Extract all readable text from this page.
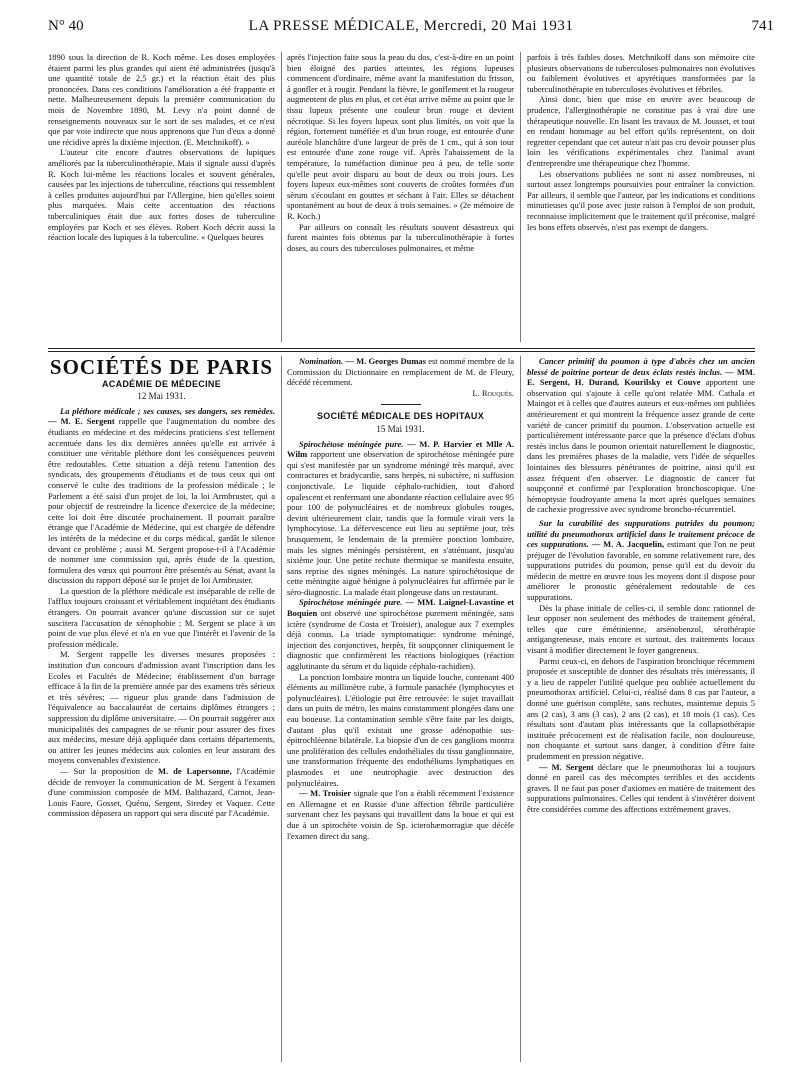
N° 40	LA PRESSE MÉDICALE, Mercredi, 20 Mai 1931	741

1890 sous la direction de R. Koch même. Les doses employées étaient parmi les plus grandes qui aient été administrées (jusqu'à une quantité totale de 2,5 gr.) et la réaction était des plus prononcées. Dans ces conditions l'amélioration a été frappante et nette. Malheureusement depuis la première communication du mois de Novembre 1890, M. Levy n'a point donné de renseignements nouveaux sur le sort de ses malades, et ce n'est que par voie indirecte que nous apprenons que l'un d'eux a donné une récidive après la dixième injection. (E. Metchnikoff). »

L'auteur cite encore d'autres observations de lupiques améliorés par la tuberculinothérapie. Mais il signale aussi d'après R. Koch lui-même les réactions locales et souvent générales, causées par les injections de tuberculine, réactions qui ressemblent à celles produites aujourd'hui par l'Allergine, bien qu'elles soient plus marquées. Mais cette accentuation des réactions tuberculiniques était due aux fortes doses de tuberculine employées par Koch et ses élèves. Robert Koch décrit aussi la réaction locale des lupiques à la tuberculine. « Quelques heures

après l'injection faite sous la peau du dos, c'est-à-dire en un point bien éloigné des parties atteintes, les régions lupeuses commencent d'ordinaire, même avant la manifestation du frisson, à gonfler et à rougir. Pendant la fièvre, le gonflement et la rougeur augmentent de plus en plus, et cet état arrive même au point que le tissu lupeux présente une couleur brun rouge et devient nécrotique. Si les foyers lupeux sont plus limités, on voit que la région, fortement tuméfiée et d'un brun rouge, est entourée d'une auréole blanchâtre d'une largeur de près de 1 cm., qui à son tour est entourée d'une zone rouge vif. Après l'abaissement de la température, la tuméfaction diminue peu à peu, de telle sorte qu'elle peut avoir disparu au bout de deux ou trois jours. Les foyers lupeux eux-mêmes sont couverts de croûtes formées d'un sérum s'écoulant en gouttes et séchant à l'air. Elles se détachent spontanément au bout de deux à trois semaines. » (2e mémoire de R. Koch.)

Par ailleurs on connaît les résultats souvent désastreux qui furent maintes fois obtenus par la tuberculinothérapie à fortes doses, au cours des tuberculoses pulmonaires, et même

parfois à très faibles doses. Metchnikoff dans son mémoire cite plusieurs observations de tuberculoses pulmonaires non évolutives ou faiblement évolutives et apyrétiques transformées par la tuberculinothérapie en tuberculoses évolutives et fébriles.

Ainsi donc, bien que mise en œuvre avec beaucoup de prudence, l'allerginothérapie ne constitue pas à vrai dire une thérapeutique nouvelle. En lisant les travaux de M. Jousset, et tout en rendant hommage au bel effort qu'ils représentent, on doit regretter cependant que cet auteur n'ait pas cru devoir pousser plus loin les vérifications expérimentales chez l'animal avant d'entreprendre une thérapeutique chez l'homme.

Les observations publiées ne sont ni assez nombreuses, ni surtout assez longtemps poursuivies pour entraîner la conviction. Par ailleurs, il semble que l'auteur, par les indications et conditions minutieuses qu'il pose avec juste raison à l'emploi de son produit, reconnaisse implicitement que le traitement qu'il préconise, malgré les bons effets observés, n'est pas exempt de dangers.

SOCIÉTÉS DE PARIS
ACADÉMIE DE MÉDECINE
12 Mai 1931.

La pléthore médicale ; ses causes, ses dangers, ses remèdes. — M. E. Sergent rappelle que l'augmentation du nombre des étudiants en médecine et des médecins praticiens s'est tellement accentuée dans les dix dernières années qu'elle est arrivée à constituer une véritable pléthore dont les conséquences peuvent être redoutables. Cette situation a déjà retenu l'attention des syndicats, des groupements d'étudiants et de tous ceux qui ont conservé le culte des traditions de la profession médicale ; le Parlement a été saisi d'un projet de loi, la loi Armbruster, qui a pour objectif de restreindre la licence d'exercice de la médecine; cette loi doit être discutée prochainement. Il pourrait paraître étrange que l'Académie de Médecine, qui est chargée de défendre les intérêts de la médecine et du corps médical, gardât le silence devant ce problème ; aussi M. Sergent propose-t-il à l'Académie de nommer une commission qui, après étude de la question, formulera des vœux qui pourront être présentés au Sénat, avant la discussion du rapport déposé sur le projet de loi Armbruster.

La question de la pléthore médicale est inséparable de celle de l'afflux toujours croissant et véritablement inquiétant des étudiants étrangers. On pourrait avancer qu'une discussion sur ce sujet suscitera l'accusation de xénophobie ; M. Sergent se place à un point de vue plus élevé et n'a en vue que l'intérêt et l'avenir de la profession médicale.

M. Sergent rappelle les diverses mesures proposées : institution d'un concours d'admission avant l'inscription dans les Ecoles et Facultés de Médecine; établissement d'un barrage efficace à la fin de la première année par des examens très sérieux et très sévères; — rigueur plus grande dans l'admission de l'équivalence au baccalauréat de certains diplômes étrangers ; suppression du diplôme universitaire. — On pourrait suggérer aux municipalités des campagnes de se réunir pour assurer des fixes aux médecins, mesure déjà appliquée dans certains départements, ou attirer les jeunes médecins aux colonies en leur assurant des moyens convenables d'existence.

— Sur la proposition de M. de Lapersonne, l'Académie décide de renvoyer la communication de M. Sergent à l'examen d'une commission composée de MM. Balthazard, Carnot, Jean-Louis Faure, Gosset, Quénu, Sergent, Siredey et Vaquez. Cette commission déposera un rapport qui sera discuté par l'Académie.

Nomination. — M. Georges Dumas est nommé membre de la Commission du Dictionnaire en remplacement de M. de Fleury, décédé récemment.

L. Rouquès.
SOCIÉTÉ MÉDICALE DES HOPITAUX
15 Mai 1931.

Spirochétose méningée pure. — M. P. Harvier et Mlle A. Wilm rapportent une observation de spirochétose méningée pure qui s'est manifestée par un syndrome méningé très marqué, avec contractures et bradycardie, sans herpès, ni subictère, ni suffusion conjonctivale. Le liquide céphalo-rachidien, tout d'abord opalescent et renfermant une abondante réaction cellulaire avec 95 pour 100 de polynucléaires et de nombreux globules rouges, devint ultérieurement clair, tandis que la formule virait vers la lymphocytose. La défervescence eut lieu au septième jour, très brusquement, le lendemain de la première ponction lombaire, mais les signes méningés persistèrent, en s'atténuant, jusqu'au sixième jour. Une petite rechute thermique se manifesta ensuite, sans reprise des signes méningés. La nature spirochétosique de cette méningite aiguë bénigne à polynucléaires fut affirmée par le séro-diagnostic. La malade était plongeuse dans un restaurant.

Spirochétose méningée pure. — MM. Laignel-Lavastine et Boquien ont observé une spirochétose purement méningée, sans ictère (syndrome de Costa et Troisier), analogue aux 7 exemples déjà connus. La triade symptomatique: syndrome méningé, injection des conjonctives, herpès, fit soupçonner cliniquement le diagnostic que confirmèrent les réactions biologiques (réaction agglutinante du sérum et du liquide céphalo-rachidien).

La ponction lombaire montra un liquide louche, contenant 400 éléments au millimètre cube, à formule panachée (lymphocytes et polynucléaires). L'étiologie put être retrouvée: le sujet travaillait dans un puits de métro, les mains constamment plongées dans une eau boueuse. La contamination semble s'être faite par les doigts, d'autant plus qu'il existait une grosse adénopathie sus-épitrochléenne bilatérale. La biopsie d'un de ces ganglions montra une prolifération des cellules endothéliales du tissu ganglionnaire, une transformation fréquente des endothéliums lymphatiques en plasmodes et une neutrophagie avec destruction des polynucléaires.

— M. Troisier signale que l'on a établi récemment l'existence en Allemagne et en Russie d'une affection fébrile particulière survenant chez les paysans qui travaillent dans la boue et qui est due à un spirochète voisin de Sp. icterohæmorragiæ que décèle l'examen direct du sang.

Cancer primitif du poumon à type d'abcès chez un ancien blessé de poitrine porteur de deux éclats restés inclus. — MM. E. Sergent, H. Durand, Kourilsky et Couve apportent une observation qui s'ajoute à celle qu'ont relatée MM. Cathala et Maingot et à celles que d'autres auteurs et eux-mêmes ont publiées antérieurement et qui montrent la fréquence assez grande de cette variété de cancer primitif du poumon. L'observation actuelle est particulièrement intéressante parce que la présence d'éclats d'obus restés inclus dans le poumon orientait naturellement le diagnostic, dans les premières phases de la maladie, vers l'idée de séquelles lointaines des blessures pénétrantes de poitrine, ainsi qu'il est assez fréquent d'en observer. Le diagnostic de cancer fut soupçonné et confirmé par l'exploration bronchoscopique. Une hémoptysie foudroyante amena la mort après quelques semaines de cachexie progressive avec syndrome broncho-récurrentiel.

Sur la curabilité des suppurations putrides du poumon; utilité du pneumothorax artificiel dans le traitement précoce de ces suppurations. — M. A. Jacquelin, estimant que l'on ne peut préjuger de l'évolution favorable, en somme relativement rare, des suppurations putrides du poumon, pense qu'il est du devoir du médecin de mettre en œuvre tous les moyens dont il dispose pour améliorer le pronostic généralement redoutable de ces suppurations.

Dès la phase initiale de celles-ci, il semble donc rationnel de leur opposer non seulement des méthodes de traitement général, telles que cure émétinienne, arsénobenzol, sérothérapie antigangreneuse, mais encore et surtout, des traitements locaux visant à modifier directement le foyer gangreneux.

Parmi ceux-ci, en dehors de l'aspiration bronchique récemment proposée et susceptible de donner des résultats très intéressants, il y a lieu de rappeler l'utilité quelque peu oubliée actuellement du pneumothorax artificiel. Celui-ci, réalisé dans 8 cas par l'auteur, a donné une guérison complète, sans rechutes, maintenue depuis 5 ans (2 cas), 3 ans (3 cas), 2 ans (2 cas), et 18 mois (1 cas). Ces résultats sont d'autant plus intéressants que la collapsothérapie instituée précocement est de réalisation facile, non douloureuse, non choquante et surtout sans danger, à condition d'être faite prudemment en pression négative.

— M. Sergent déclare que le pneumothorax lui a toujours donné en pareil cas des mécomptes terribles et des accidents graves. Il ne faut pas poser d'axiomes en matière de traitement des suppurations pulmonaires. Celles qui tendent à s'invétérer doivent être considérées comme des affections extrêmement graves.
